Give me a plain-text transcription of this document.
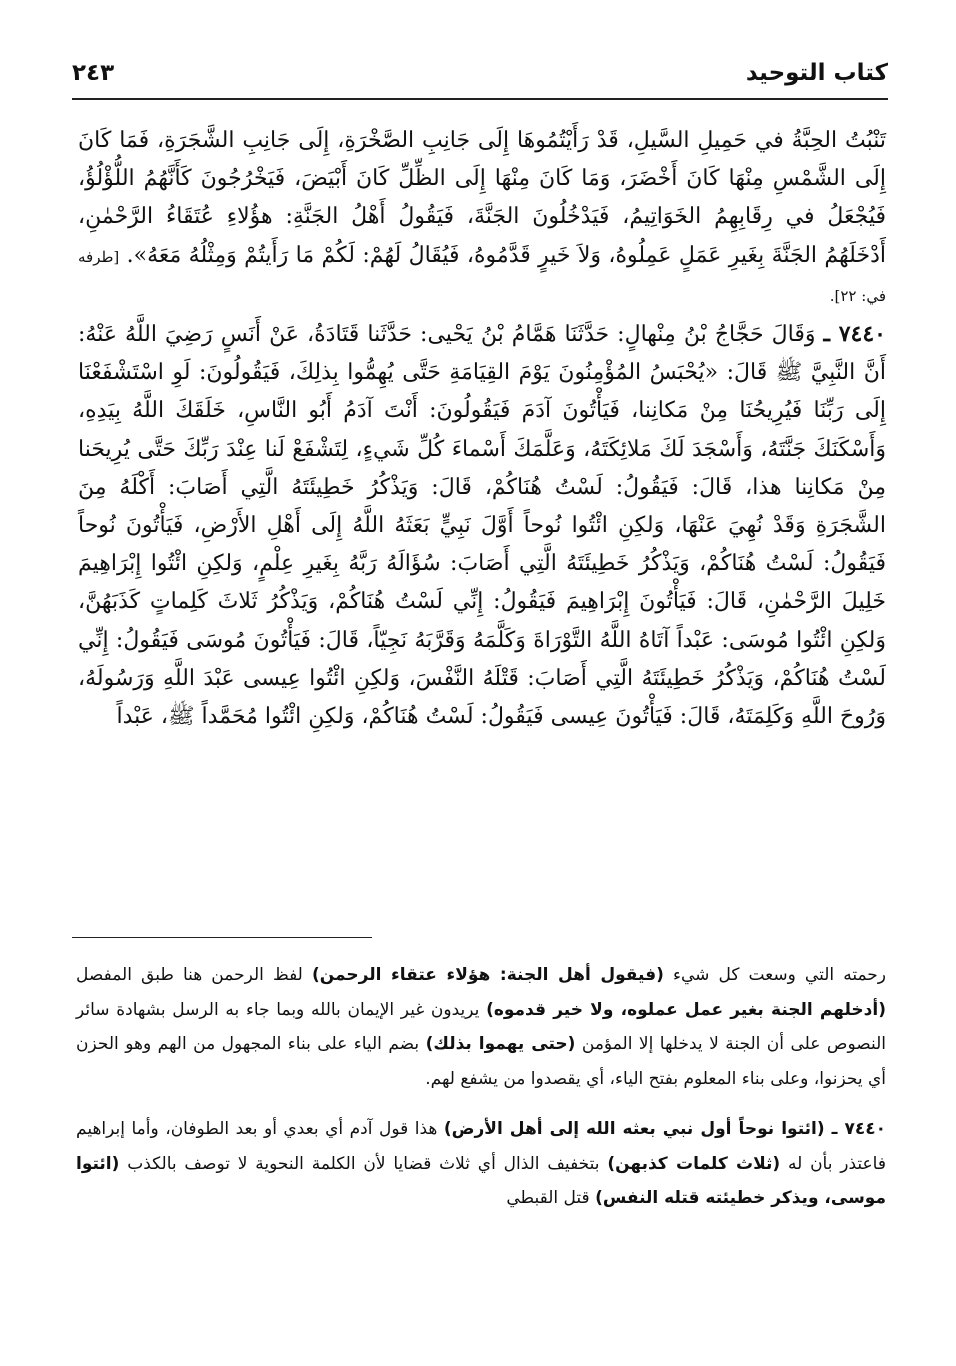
كتاب التوحيد
٢٤٣

تَنْبُتُ الحِبَّةُ في حَمِيلِ السَّيلِ، قَدْ رَأَيْتُمُوهَا إِلَى جَانِبِ الصَّخْرَةِ، إِلَى جَانِبِ الشَّجَرَةِ، فَمَا كَانَ إِلَى الشَّمْسِ مِنْهَا كَانَ أَخْضَرَ، وَمَا كَانَ مِنْهَا إِلَى الظِّلِّ كَانَ أَبْيَضَ، فَيَخْرُجُونَ كَأَنَّهُمُ اللُّؤْلُؤُ، فَيُجْعَلُ في رِقَابِهِمُ الخَوَاتِيمُ، فَيَدْخُلُونَ الجَنَّةَ، فَيَقُولُ أَهْلُ الجَنَّةِ: هؤُلاءِ عُتَقَاءُ الرَّحْمٰنِ، أَدْخَلَهُمُ الجَنَّةَ بِغَيرِ عَمَلٍ عَمِلُوهُ، وَلاَ خَيرٍ قَدَّمُوهُ، فَيُقَالُ لَهُمْ: لَكُمْ مَا رَأَيتُمْ وَمِثْلُهُ مَعَهُ». [طرفه في: ٢٢].

٧٤٤٠ ـ وَقَالَ حَجَّاجُ بْنُ مِنْهالٍ: حَدَّثَنَا هَمَّامُ بْنُ يَحْيى: حَدَّثَنا قَتَادَةُ، عَنْ أَنَسٍ رَضِيَ اللَّهُ عَنْهُ: أَنَّ النَّبِيَّ ﷺ قَالَ: «يُحْبَسُ المُؤْمِنُونَ يَوْمَ القِيَامَةِ حَتَّى يُهِمُّوا بِذلِكَ، فَيَقُولُونَ: لَوِ اسْتَشْفَعْنَا إِلَى رَبِّنَا فَيُرِيحُنَا مِنْ مَكانِنا، فَيَأْتُونَ آدَمَ فَيَقُولُونَ: أَنْتَ آدَمُ أَبُو النَّاسِ، خَلَقَكَ اللَّهُ بِيَدِهِ، وَأَسْكَنَكَ جَنَّتَهُ، وَأَسْجَدَ لَكَ مَلائِكَتَهُ، وَعَلَّمَكَ أَسْماءَ كُلِّ شَيءٍ، لِتَشْفَعْ لَنا عِنْدَ رَبِّكَ حَتَّى يُرِيحَنا مِنْ مَكانِنا هذا، قَالَ: فَيَقُولُ: لَسْتُ هُنَاكُمْ، قَالَ: وَيَذْكُرُ خَطِيئَتَهُ الَّتِي أَصَابَ: أَكْلَهُ مِنَ الشَّجَرَةِ وَقَدْ نُهِيَ عَنْهَا، وَلكِنِ ائْتُوا نُوحاً أَوَّلَ نَبِيٍّ بَعَثَهُ اللَّهُ إِلَى أَهْلِ الأَرْضِ، فَيَأْتُونَ نُوحاً فَيَقُولُ: لَسْتُ هُنَاكُمْ، وَيَذْكُرُ خَطِيئَتَهُ الَّتِي أَصَابَ: سُؤَالَهُ رَبَّهُ بِغَيرِ عِلْمٍ، وَلكِنِ ائْتُوا إِبْرَاهِيمَ خَلِيلَ الرَّحْمٰنِ، قَالَ: فَيَأْتُونَ إِبْرَاهِيمَ فَيَقُولُ: إِنِّي لَسْتُ هُنَاكُمْ، وَيَذْكُرُ ثَلاثَ كَلِماتٍ كَذَبَهُنَّ، وَلكِنِ ائْتُوا مُوسَى: عَبْداً آتَاهُ اللَّهُ التَّوْرَاةَ وَكَلَّمَهُ وَقَرَّبَهُ نَجِيّاً، قَالَ: فَيَأْتُونَ مُوسَى فَيَقُولُ: إِنِّي لَسْتُ هُنَاكُمْ، وَيَذْكُرُ خَطِيئَتَهُ الَّتِي أَصَابَ: قَتْلَهُ النَّفْسَ، وَلكِنِ ائْتُوا عِيسى عَبْدَ اللَّهِ وَرَسُولَهُ، وَرُوحَ اللَّهِ وَكَلِمَتَهُ، قَالَ: فَيَأْتُونَ عِيسى فَيَقُولُ: لَسْتُ هُنَاكُمْ، وَلكِنِ ائْتُوا مُحَمَّداً ﷺ، عَبْداً

رحمته التي وسعت كل شيء (فيقول أهل الجنة: هؤلاء عتقاء الرحمن) لفظ الرحمن هنا طبق المفصل (أدخلهم الجنة بغير عمل عملوه، ولا خير قدموه) يريدون غير الإيمان بالله وبما جاء به الرسل بشهادة سائر النصوص على أن الجنة لا يدخلها إلا المؤمن (حتى يهموا بذلك) بضم الياء على بناء المجهول من الهم وهو الحزن أي يحزنوا، وعلى بناء المعلوم بفتح الياء، أي يقصدوا من يشفع لهم.

٧٤٤٠ ـ (ائتوا نوحاً أول نبي بعثه الله إلى أهل الأرض) هذا قول آدم أي بعدي أو بعد الطوفان، وأما إبراهيم فاعتذر بأن له (ثلاث كلمات كذبهن) بتخفيف الذال أي ثلاث قضايا لأن الكلمة النحوية لا توصف بالكذب (ائتوا موسى، ويذكر خطيئته قتله النفس) قتل القبطي
